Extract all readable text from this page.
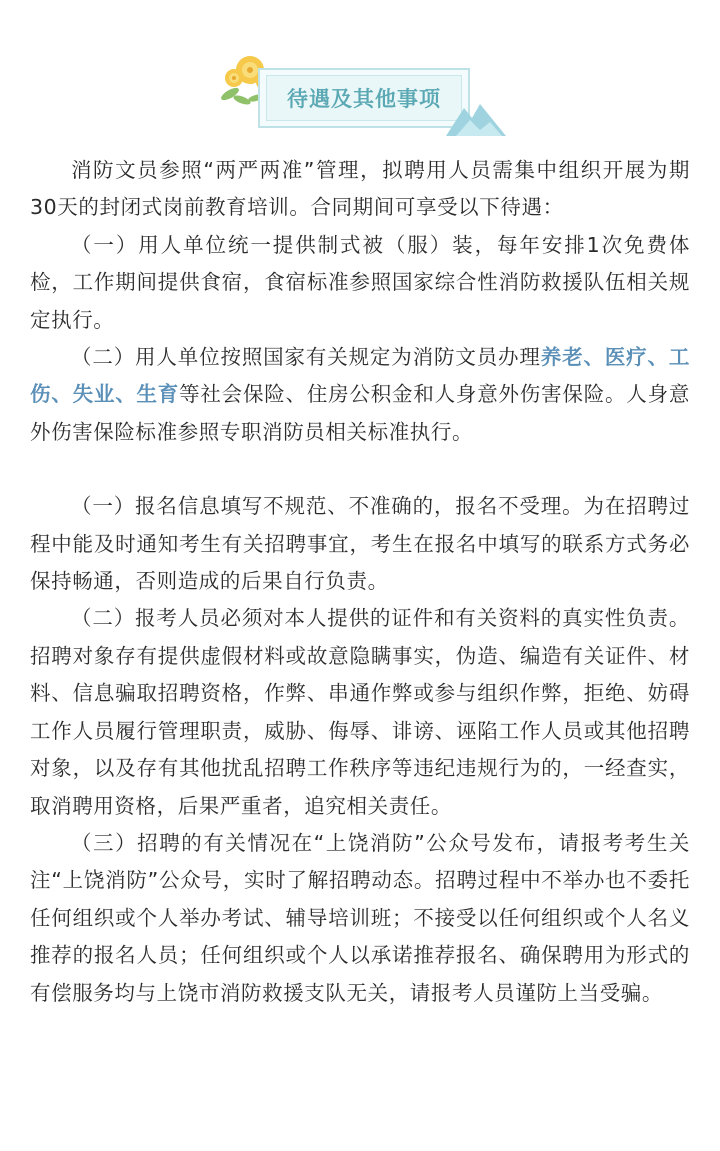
待遇及其他事项

消防文员参照“两严两准”管理，拟聘用人员需集中组织开展为期30天的封闭式岗前教育培训。合同期间可享受以下待遇：

（一）用人单位统一提供制式被（服）装，每年安排1次免费体检，工作期间提供食宿，食宿标准参照国家综合性消防救援队伍相关规定执行。

（二）用人单位按照国家有关规定为消防文员办理养老、医疗、工伤、失业、生育等社会保险、住房公积金和人身意外伤害保险。人身意外伤害保险标准参照专职消防员相关标准执行。

（一）报名信息填写不规范、不准确的，报名不受理。为在招聘过程中能及时通知考生有关招聘事宜，考生在报名中填写的联系方式务必保持畅通，否则造成的后果自行负责。

（二）报考人员必须对本人提供的证件和有关资料的真实性负责。招聘对象存有提供虚假材料或故意隐瞒事实，伪造、编造有关证件、材料、信息骗取招聘资格，作弊、串通作弊或参与组织作弊，拒绝、妨碍工作人员履行管理职责，威胁、侮辱、诽谤、诬陷工作人员或其他招聘对象，以及存有其他扰乱招聘工作秩序等违纪违规行为的，一经查实，取消聘用资格，后果严重者，追究相关责任。

（三）招聘的有关情况在“上饶消防”公众号发布，请报考考生关注“上饶消防”公众号，实时了解招聘动态。招聘过程中不举办也不委托任何组织或个人举办考试、辅导培训班；不接受以任何组织或个人名义推荐的报名人员；任何组织或个人以承诺推荐报名、确保聘用为形式的有偿服务均与上饶市消防救援支队无关，请报考人员谨防上当受骗。
